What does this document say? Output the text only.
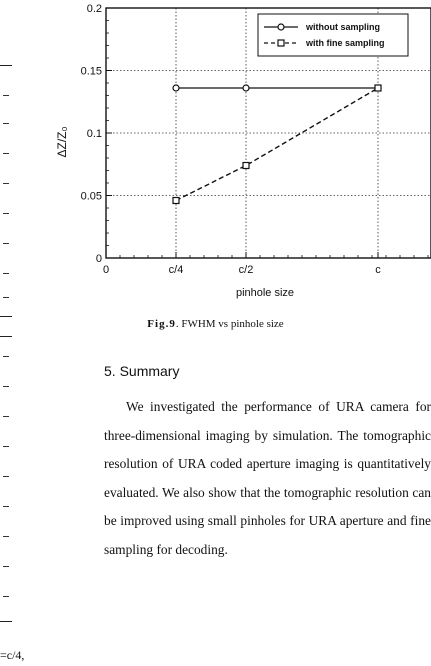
=c/4,
0
0.05
0.1
0.15
0.2
0	c/4	c/2	c
without sampling
with fine sampling
ΔZ/Z₀
pinhole size
Fig.9. FWHM vs pinhole size
5. Summary
We investigated the performance of URA camera for three-dimensional imaging by simulation. The tomographic resolution of URA coded aperture imaging is quantitatively evaluated. We also show that the tomographic resolution can be improved using small pinholes for URA aperture and fine sampling for decoding.
